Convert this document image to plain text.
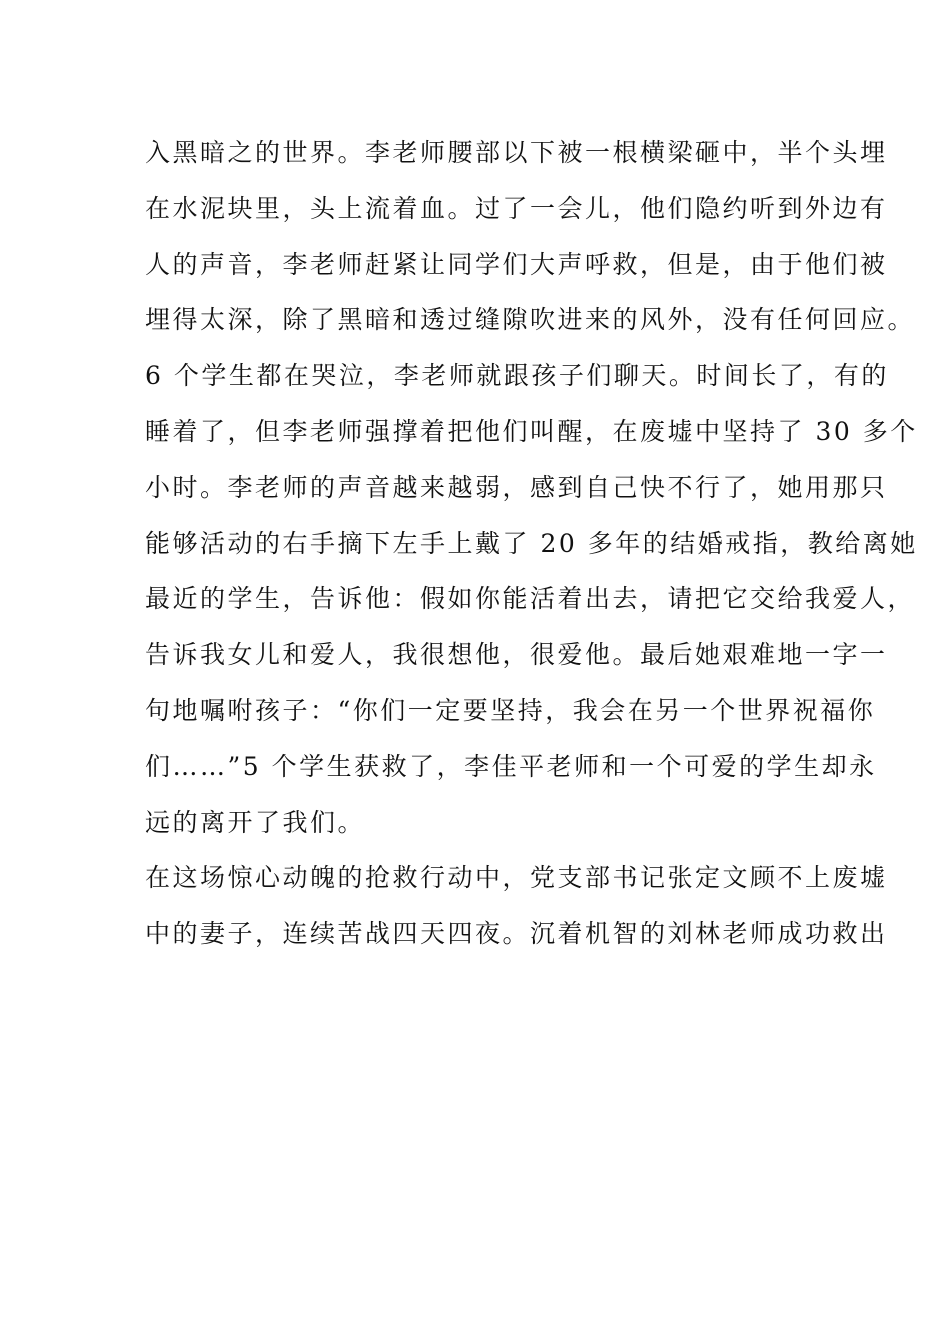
入黑暗之的世界。李老师腰部以下被一根横梁砸中，半个头埋
在水泥块里，头上流着血。过了一会儿，他们隐约听到外边有
人的声音，李老师赶紧让同学们大声呼救，但是，由于他们被
埋得太深，除了黑暗和透过缝隙吹进来的风外，没有任何回应。
6 个学生都在哭泣，李老师就跟孩子们聊天。时间长了，有的
睡着了，但李老师强撑着把他们叫醒，在废墟中坚持了 30 多个
小时。李老师的声音越来越弱，感到自己快不行了，她用那只
能够活动的右手摘下左手上戴了 20 多年的结婚戒指，教给离她
最近的学生，告诉他：假如你能活着出去，请把它交给我爱人，
告诉我女儿和爱人，我很想他，很爱他。最后她艰难地一字一
句地嘱咐孩子：“你们一定要坚持，我会在另一个世界祝福你
们……”5 个学生获救了，李佳平老师和一个可爱的学生却永
远的离开了我们。
在这场惊心动魄的抢救行动中，党支部书记张定文顾不上废墟
中的妻子，连续苦战四天四夜。沉着机智的刘林老师成功救出
